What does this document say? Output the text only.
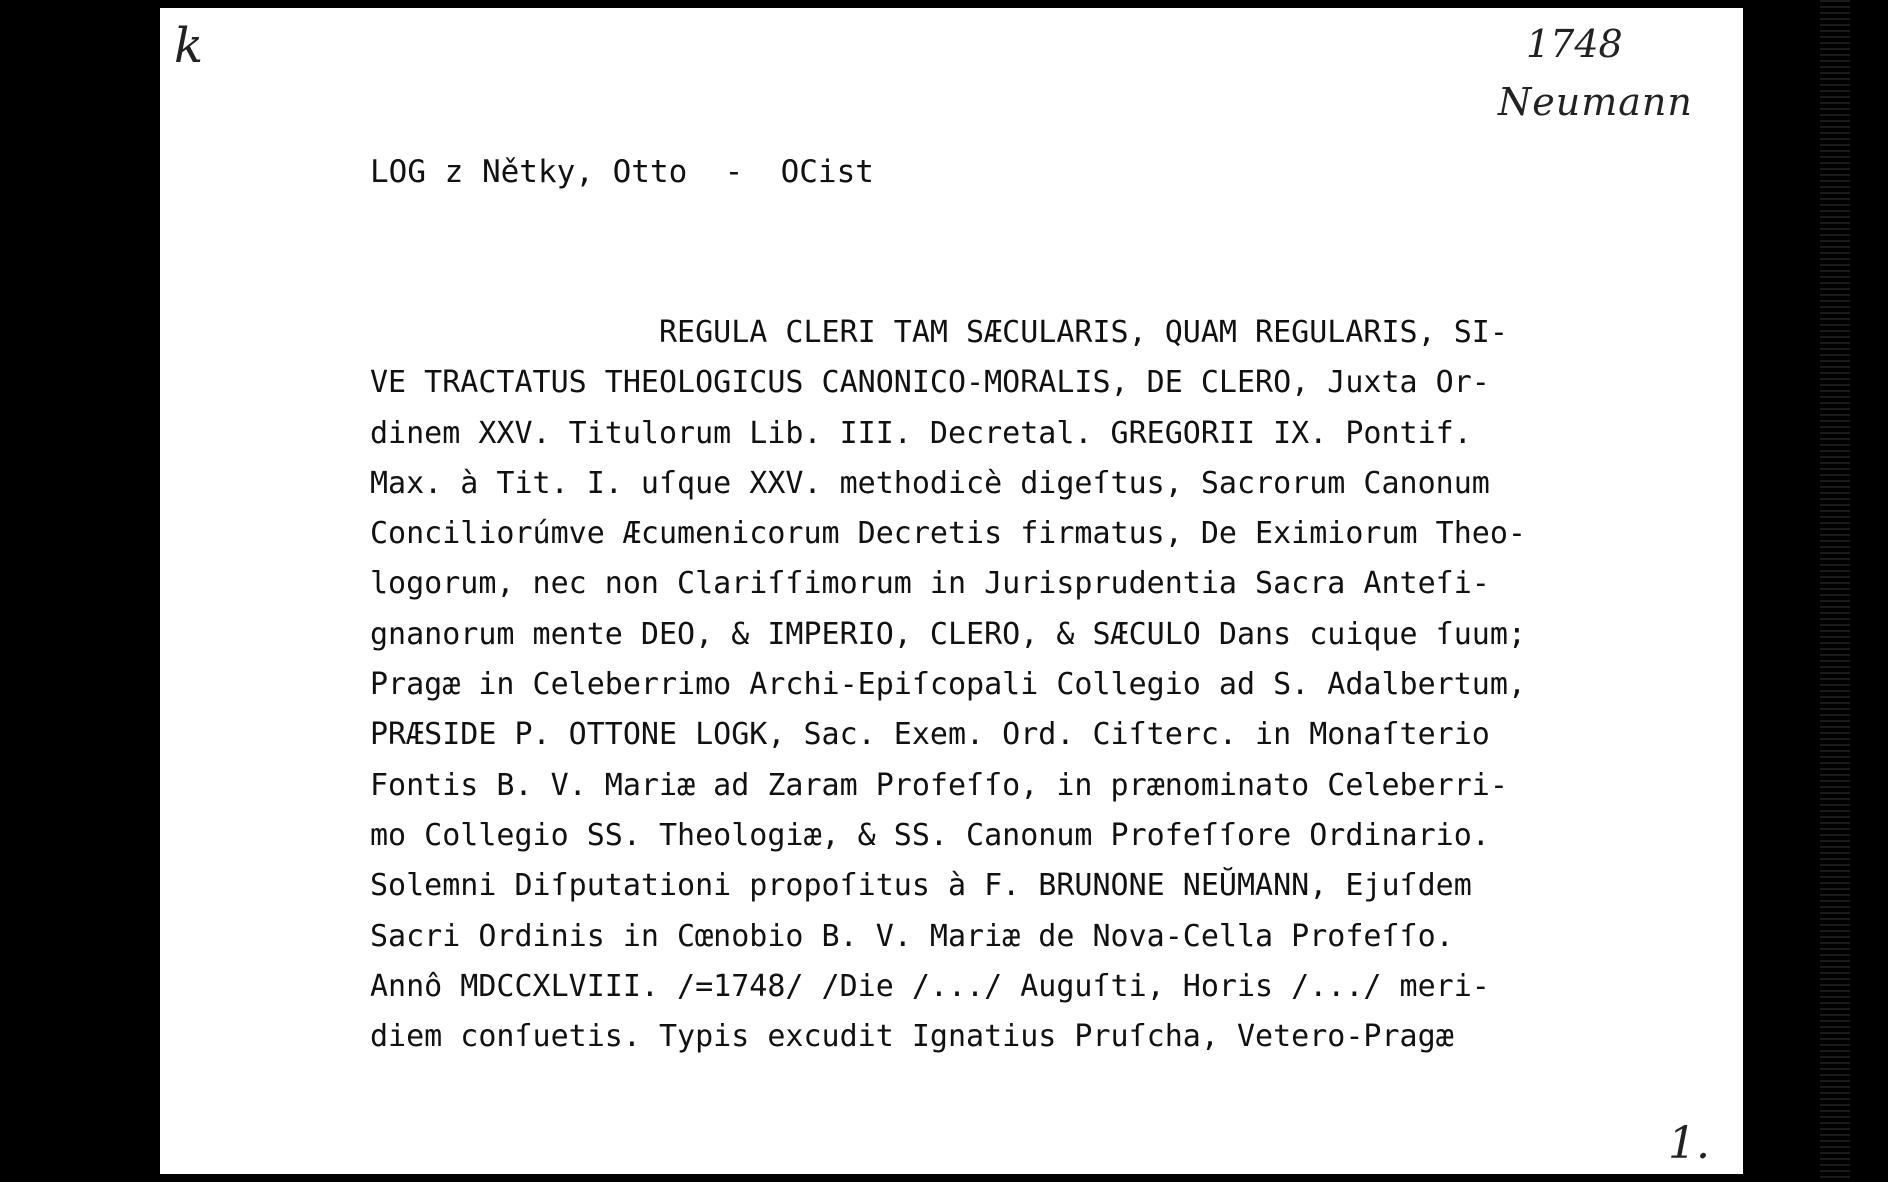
k	1748
Neumann
LOG z Nětky, Otto  -  OCist
REGULA CLERI TAM SÆCULARIS, QUAM REGULARIS, SI-
VE TRACTATUS THEOLOGICUS CANONICO-MORALIS, DE CLERO, Juxta Or-
dinem XXV. Titulorum Lib. III. Decretal. GREGORII IX. Pontif.
Max. à Tit. I. uſque XXV. methodicè digeſtus, Sacrorum Canonum
Conciliorúmve Æcumenicorum Decretis firmatus, De Eximiorum Theo-
logorum, nec non Clariſſimorum in Jurisprudentia Sacra Anteſi-
gnanorum mente DEO, & IMPERIO, CLERO, & SÆCULO Dans cuique ſuum;
Pragæ in Celeberrimo Archi-Epiſcopali Collegio ad S. Adalbertum,
PRÆSIDE P. OTTONE LOGK, Sac. Exem. Ord. Ciſterc. in Monaſterio
Fontis B. V. Mariæ ad Zaram Profeſſo, in prænominato Celeberri-
mo Collegio SS. Theologiæ, & SS. Canonum Profeſſore Ordinario.
Solemni Diſputationi propoſitus à F. BRUNONE NEŬMANN, Ejuſdem
Sacri Ordinis in Cœnobio B. V. Mariæ de Nova-Cella Profeſſo.
Annô MDCCXLVIII. /=1748/ /Die /.../ Auguſti, Horis /.../ meri-
diem conſuetis. Typis excudit Ignatius Pruſcha, Vetero-Pragæ
1.
